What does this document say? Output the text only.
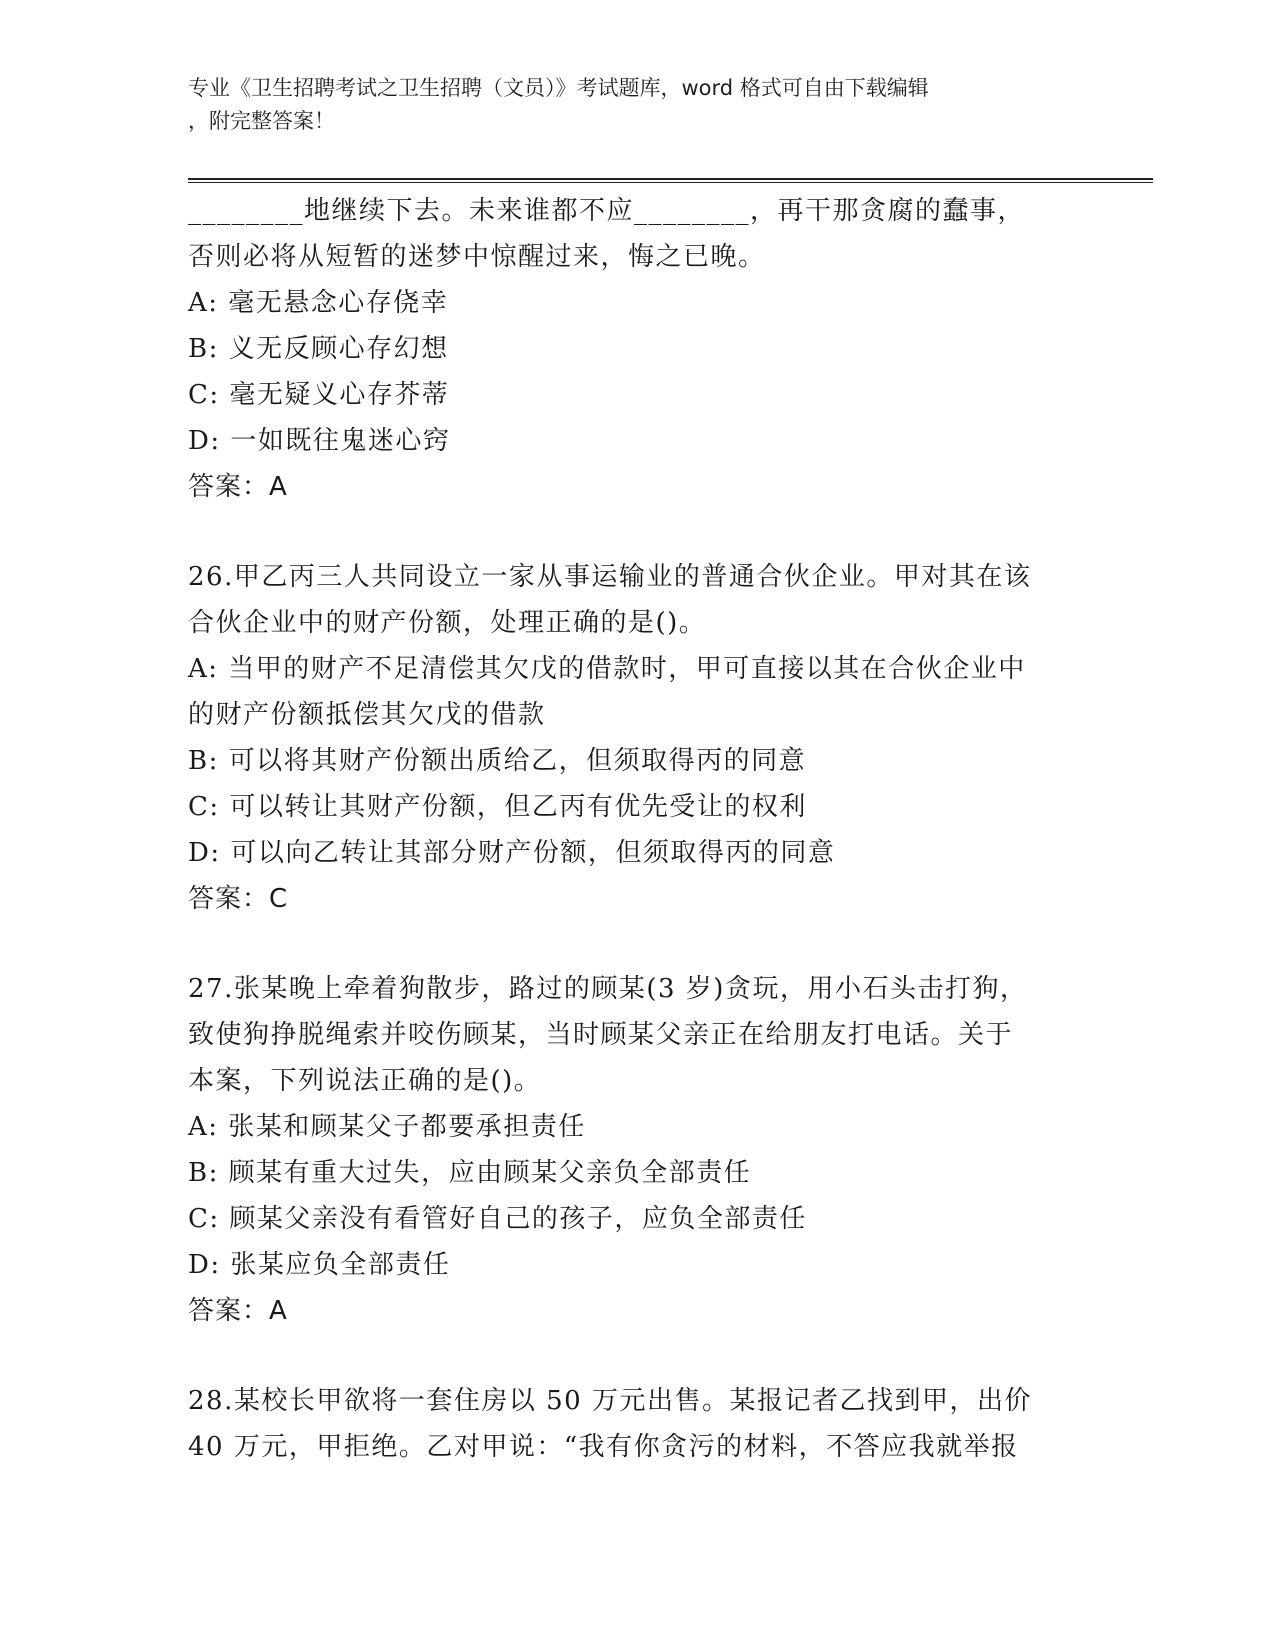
专业《卫生招聘考试之卫生招聘（文员）》考试题库，word 格式可自由下载编辑
，附完整答案！
________地继续下去。未来谁都不应________，再干那贪腐的蠢事，
否则必将从短暂的迷梦中惊醒过来，悔之已晚。
A: 毫无悬念心存侥幸
B: 义无反顾心存幻想
C: 毫无疑义心存芥蒂
D: 一如既往鬼迷心窍
答案：A
26.甲乙丙三人共同设立一家从事运输业的普通合伙企业。甲对其在该
合伙企业中的财产份额，处理正确的是()。
A: 当甲的财产不足清偿其欠戊的借款时，甲可直接以其在合伙企业中
的财产份额抵偿其欠戊的借款
B: 可以将其财产份额出质给乙，但须取得丙的同意
C: 可以转让其财产份额，但乙丙有优先受让的权利
D: 可以向乙转让其部分财产份额，但须取得丙的同意
答案：C
27.张某晚上牵着狗散步，路过的顾某(3 岁)贪玩，用小石头击打狗，
致使狗挣脱绳索并咬伤顾某，当时顾某父亲正在给朋友打电话。关于
本案，下列说法正确的是()。
A: 张某和顾某父子都要承担责任
B: 顾某有重大过失，应由顾某父亲负全部责任
C: 顾某父亲没有看管好自己的孩子，应负全部责任
D: 张某应负全部责任
答案：A
28.某校长甲欲将一套住房以 50 万元出售。某报记者乙找到甲，出价
40 万元，甲拒绝。乙对甲说：“我有你贪污的材料，不答应我就举报
